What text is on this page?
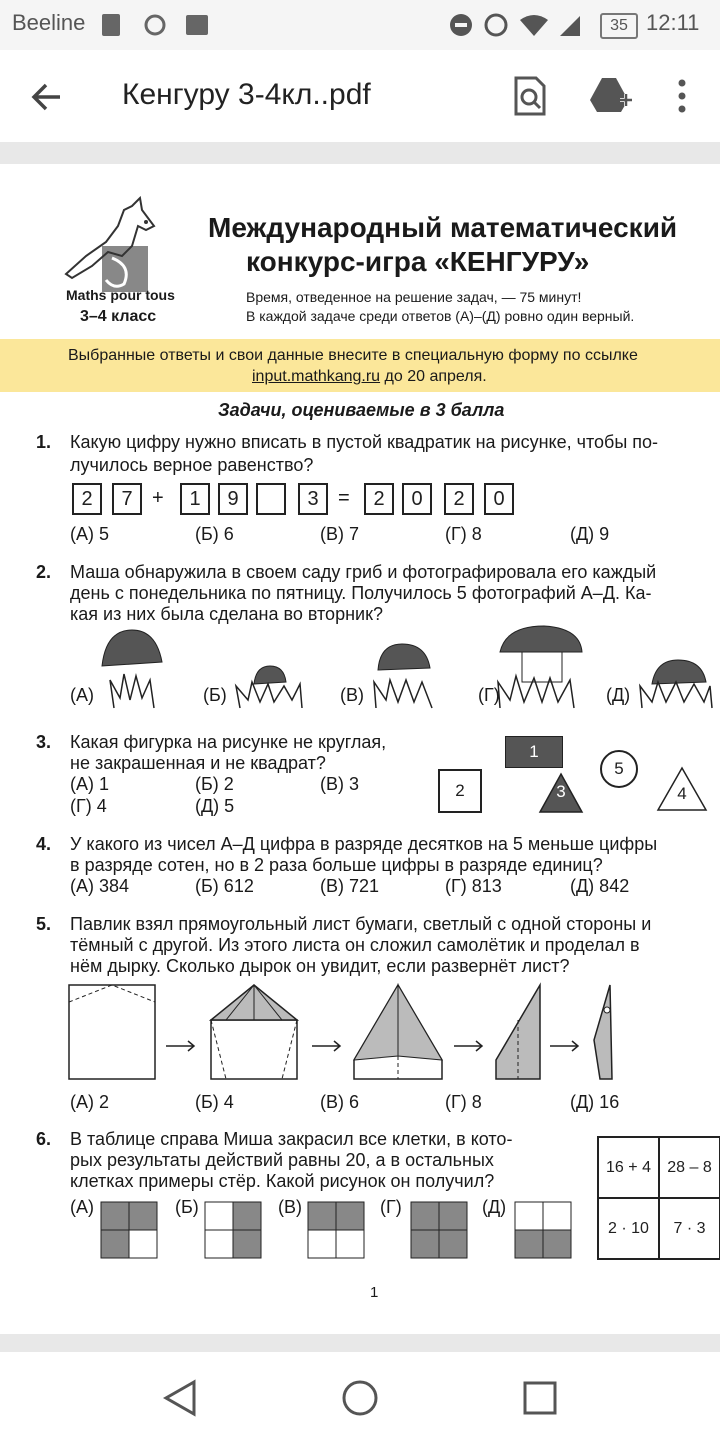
Beeline	35 12:11
Кенгуру 3-4кл..pdf
Maths pour tous
3–4 класс
Международный математический
конкурс-игра «КЕНГУРУ»
Время, отведенное на решение задач, — 75 минут!
В каждой задаче среди ответов (А)–(Д) ровно один верный.
Выбранные ответы и свои данные внесите в специальную форму по ссылке
input.mathkang.ru до 20 апреля.
Задачи, оцениваемые в 3 балла
1. Какую цифру нужно вписать в пустой квадратик на рисунке, чтобы по-
лучилось верное равенство?
2	7 +	1	9	3 =	2	0	2	0
(А) 5	(Б) 6	(В) 7	(Г) 8	(Д) 9
2. Маша обнаружила в своем саду гриб и фотографировала его каждый
день с понедельника по пятницу. Получилось 5 фотографий А–Д. Ка-
кая из них была сделана во вторник?
(А)	(Б)	(В)	(Г)	(Д)
3. Какая фигурка на рисунке не круглая,
не закрашенная и не квадрат?
(А) 1	(Б) 2	(В) 3
(Г) 4	(Д) 5
1
2	3	4
5
4. У какого из чисел А–Д цифра в разряде десятков на 5 меньше цифры
в разряде сотен, но в 2 раза больше цифры в разряде единиц?
(А) 384	(Б) 612	(В) 721	(Г) 813	(Д) 842
5. Павлик взял прямоугольный лист бумаги, светлый с одной стороны и
тёмный с другой. Из этого листа он сложил самолётик и проделал в
нём дырку. Сколько дырок он увидит, если развернёт лист?
(А) 2	(Б) 4	(В) 6	(Г) 8	(Д) 16
6. В таблице справа Миша закрасил все клетки, в кото-
рых результаты действий равны 20, а в остальных
клетках примеры стёр. Какой рисунок он получил?
16 + 4	28 – 8
2 · 10	7 · 3
(А)	(Б)	(В)	(Г)	(Д)
1
